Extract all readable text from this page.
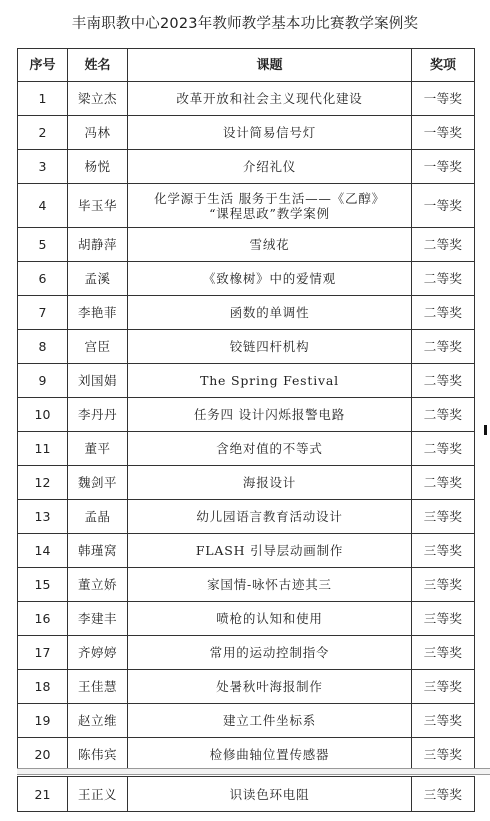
丰南职教中心2023年教师教学基本功比赛教学案例奖
序号	姓名	课题	奖项
1	梁立杰	改革开放和社会主义现代化建设	一等奖
2	冯林	设计简易信号灯	一等奖
3	杨悦	介绍礼仪	一等奖
4	毕玉华	化学源于生活 服务于生活——《乙醇》
“课程思政”教学案例	一等奖
5	胡静萍	雪绒花	二等奖
6	孟溪	《致橡树》中的爱情观	二等奖
7	李艳菲	函数的单调性	二等奖
8	宫臣	铰链四杆机构	二等奖
9	刘国娟	The Spring Festival	二等奖
10	李丹丹	任务四 设计闪烁报警电路	二等奖
11	董平	含绝对值的不等式	二等奖
12	魏剑平	海报设计	二等奖
13	孟晶	幼儿园语言教育活动设计	三等奖
14	韩瑾窝	FLASH 引导层动画制作	三等奖
15	董立娇	家国情-咏怀古迹其三	三等奖
16	李建丰	喷枪的认知和使用	三等奖
17	齐婷婷	常用的运动控制指令	三等奖
18	王佳慧	处暑秋叶海报制作	三等奖
19	赵立维	建立工件坐标系	三等奖
20	陈伟宾	检修曲轴位置传感器	三等奖
21	王正义	识读色环电阻	三等奖
